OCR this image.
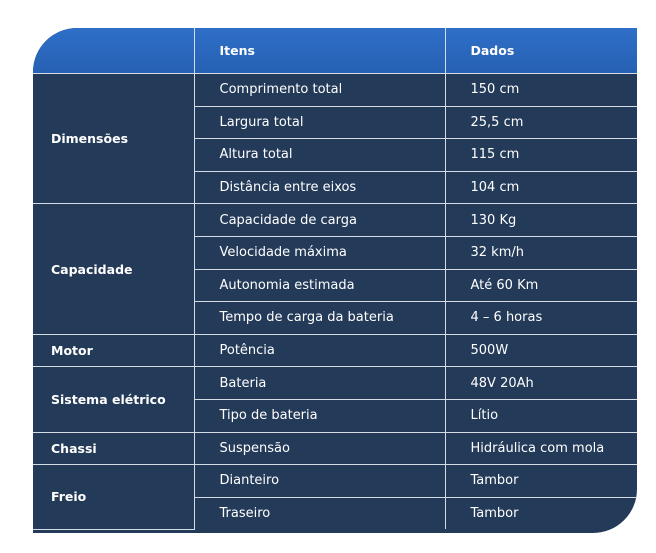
	Itens	Dados
Dimensões	Comprimento total	150 cm
	Largura total	25,5 cm
	Altura total	115 cm
	Distância entre eixos	104 cm
Capacidade	Capacidade de carga	130 Kg
	Velocidade máxima	32 km/h
	Autonomia estimada	Até 60 Km
	Tempo de carga da bateria	4 – 6 horas
Motor	Potência	500W
Sistema elétrico	Bateria	48V 20Ah
	Tipo de bateria	Lítio
Chassi	Suspensão	Hidráulica com mola
Freio	Dianteiro	Tambor
	Traseiro	Tambor
